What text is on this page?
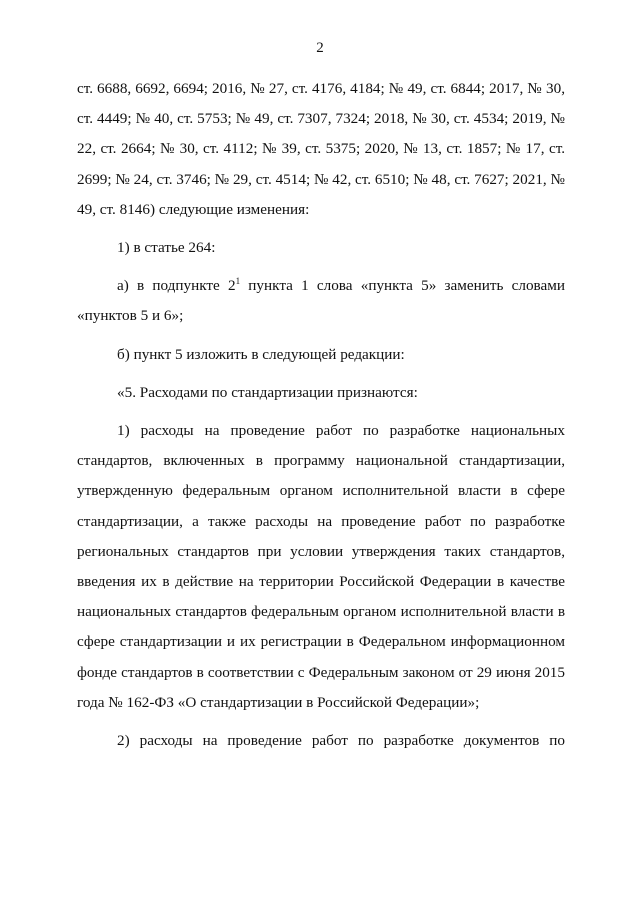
2

ст. 6688, 6692, 6694; 2016, № 27, ст. 4176, 4184; № 49, ст. 6844; 2017, № 30, ст. 4449; № 40, ст. 5753; № 49, ст. 7307, 7324; 2018, № 30, ст. 4534; 2019, № 22, ст. 2664; № 30, ст. 4112; № 39, ст. 5375; 2020, № 13, ст. 1857; № 17, ст. 2699; № 24, ст. 3746; № 29, ст. 4514; № 42, ст. 6510; № 48, ст. 7627; 2021, № 49, ст. 8146) следующие изменения:

1) в статье 264:

а) в подпункте $2^1$ пункта 1 слова «пункта 5» заменить словами «пунктов 5 и 6»;

б) пункт 5 изложить в следующей редакции:

«5. Расходами по стандартизации признаются:

1) расходы на проведение работ по разработке национальных стандартов, включенных в программу национальной стандартизации, утвержденную федеральным органом исполнительной власти в сфере стандартизации, а также расходы на проведение работ по разработке региональных стандартов при условии утверждения таких стандартов, введения их в действие на территории Российской Федерации в качестве национальных стандартов федеральным органом исполнительной власти в сфере стандартизации и их регистрации в Федеральном информационном фонде стандартов в соответствии с Федеральным законом от 29 июня 2015 года № 162-ФЗ «О стандартизации в Российской Федерации»;

2) расходы на проведение работ по разработке документов по
